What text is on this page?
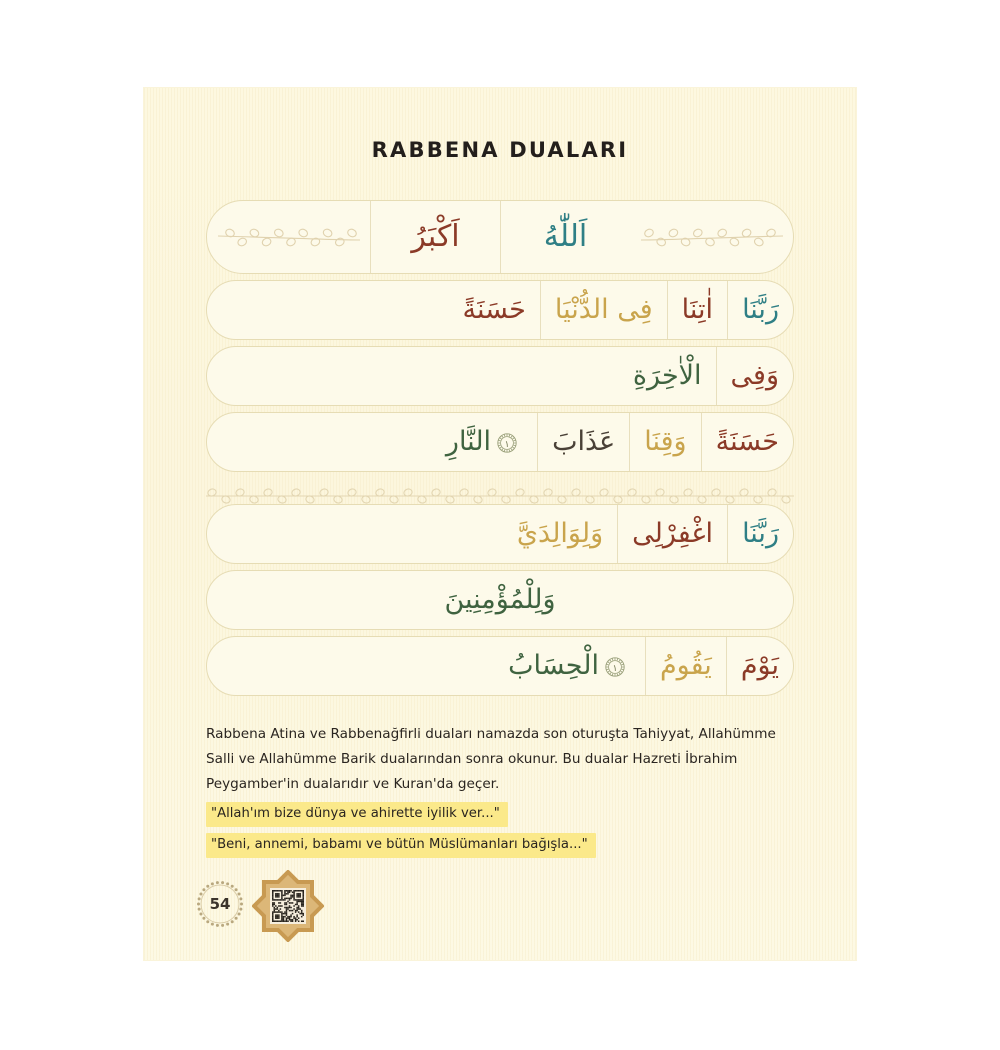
RABBENA DUALARI
اَللّٰهُ
اَكْبَرُ
رَبَّنَا
اٰتِنَا
فِى الدُّنْيَا
حَسَنَةً
وَفِى
الْاٰخِرَةِ
حَسَنَةً
وَقِنَا
عَذَابَ
النَّارِ ١
رَبَّنَا
اغْفِرْلِى
وَلِوَالِدَيَّ
وَلِلْمُؤْمِنِينَ
يَوْمَ
يَقُومُ
الْحِسَابُ ١
Rabbena Atina ve Rabbenağfirli duaları namazda son oturuşta Tahiyyat, Allahümme Salli ve Allahümme Barik dualarından sonra okunur. Bu dualar Hazreti İbrahim Peygamber'in dualarıdır ve Kuran'da geçer.
"Allah'ım bize dünya ve ahirette iyilik ver..."
"Beni, annemi, babamı ve bütün Müslümanları bağışla..."
54
